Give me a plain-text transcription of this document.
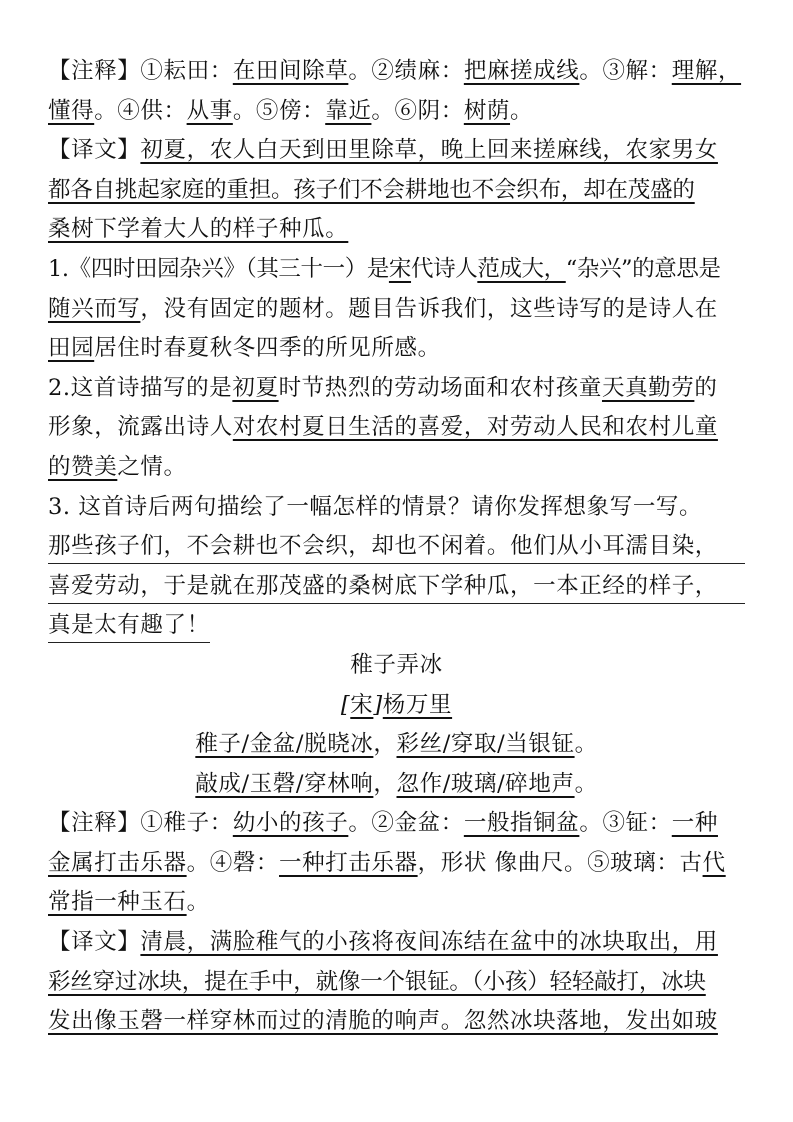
【注释】①耘田：在田间除草。②绩麻：把麻搓成线。③解：理解，
懂得。④供：从事。⑤傍：靠近。⑥阴：树荫。
【译文】初夏，农人白天到田里除草，晚上回来搓麻线，农家男女
都各自挑起家庭的重担。孩子们不会耕地也不会织布，却在茂盛的
桑树下学着大人的样子种瓜。
1.《四时田园杂兴》（其三十一）是宋代诗人范成大，“杂兴”的意思是
随兴而写，没有固定的题材。题目告诉我们，这些诗写的是诗人在
田园居住时春夏秋冬四季的所见所感。
2.这首诗描写的是初夏时节热烈的劳动场面和农村孩童天真勤劳的
形象，流露出诗人对农村夏日生活的喜爱，对劳动人民和农村儿童
的赞美之情。
3. 这首诗后两句描绘了一幅怎样的情景？请你发挥想象写一写。
那些孩子们，不会耕也不会织，却也不闲着。他们从小耳濡目染，
喜爱劳动，于是就在那茂盛的桑树底下学种瓜，一本正经的样子，
真是太有趣了！
稚子弄冰
[宋]杨万里
稚子/金盆/脱晓冰，彩丝/穿取/当银钲。
敲成/玉磬/穿林响，忽作/玻璃/碎地声。
【注释】①稚子：幼小的孩子。②金盆：一般指铜盆。③钲：一种
金属打击乐器。④磬：一种打击乐器，形状 像曲尺。⑤玻璃：古代
常指一种玉石。
【译文】清晨，满脸稚气的小孩将夜间冻结在盆中的冰块取出，用
彩丝穿过冰块，提在手中，就像一个银钲。（小孩）轻轻敲打，冰块
发出像玉磬一样穿林而过的清脆的响声。忽然冰块落地，发出如玻
